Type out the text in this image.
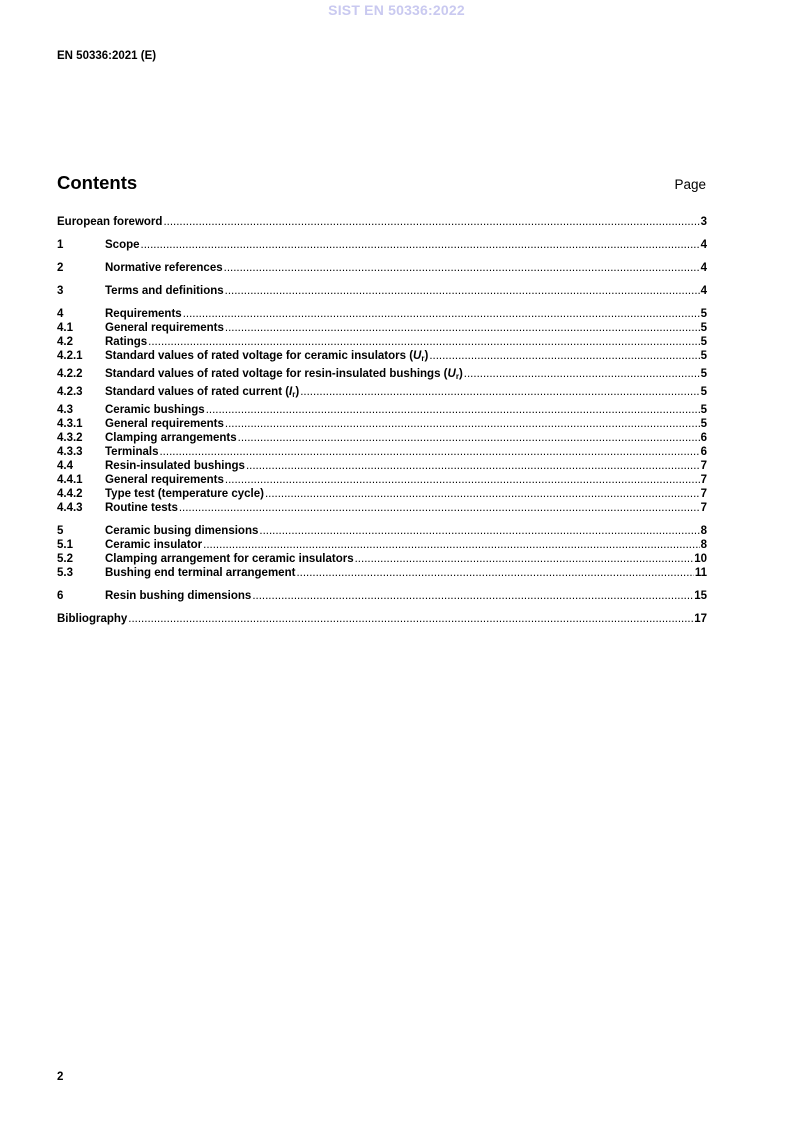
SIST EN 50336:2022
EN 50336:2021 (E)
Contents	Page
European foreword .....	3
1	Scope .....	4
2	Normative references .....	4
3	Terms and definitions .....	4
4	Requirements .....	5
4.1	General requirements .....	5
4.2	Ratings .....	5
4.2.1	Standard values of rated voltage for ceramic insulators $(U_r)$ .....	5
4.2.2	Standard values of rated voltage for resin-insulated bushings $(U_r)$ .....	5
4.2.3	Standard values of rated current $(I_r)$ .....	5
4.3	Ceramic bushings .....	5
4.3.1	General requirements .....	5
4.3.2	Clamping arrangements .....	6
4.3.3	Terminals .....	6
4.4	Resin-insulated bushings .....	7
4.4.1	General requirements .....	7
4.4.2	Type test (temperature cycle) .....	7
4.4.3	Routine tests .....	7
5	Ceramic busing dimensions .....	8
5.1	Ceramic insulator .....	8
5.2	Clamping arrangement for ceramic insulators .....	10
5.3	Bushing end terminal arrangement .....	11
6	Resin bushing dimensions .....	15
Bibliography .....	17
2
